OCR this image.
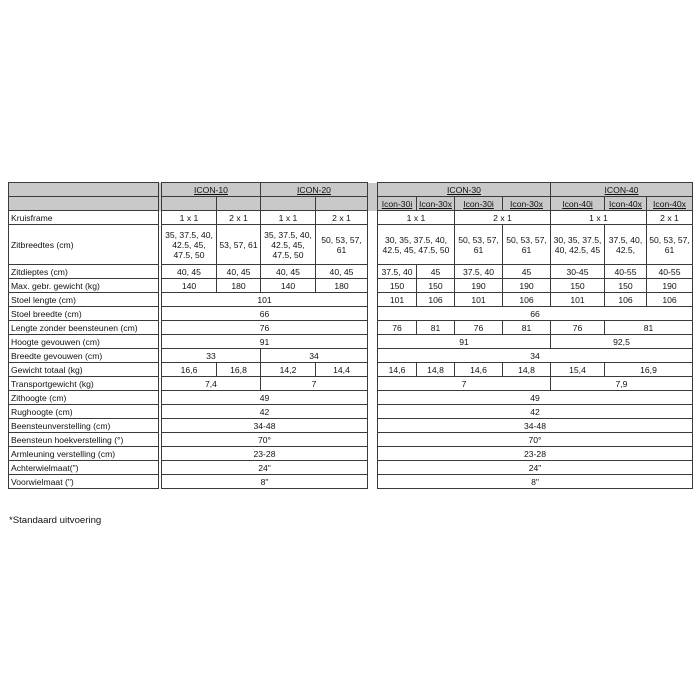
		ICON-10		ICON-20			ICON-30				ICON-40		
							Icon-30i	Icon-30x	Icon-30i	Icon-30x	Icon-40i	Icon-40x	Icon-40x
Kruisframe		1 x 1	2 x 1	1 x 1	2 x 1		1 x 1		2 x 1		1 x 1		2 x 1
Zitbreedtes (cm)		35, 37.5, 40, 42.5, 45, 47.5, 50	53, 57, 61	35, 37.5, 40, 42.5, 45, 47.5, 50	50, 53, 57, 61		30, 35, 37.5, 40, 42.5, 45, 47.5, 50		50, 53, 57, 61	50, 53, 57, 61	30, 35, 37.5, 40, 42.5, 45	37.5, 40, 42.5,	50, 53, 57, 61
Zitdieptes (cm)		40, 45	40, 45	40, 45	40, 45		37.5, 40	45	37.5, 40	45	30-45	40-55	40-55
Max. gebr. gewicht (kg)		140	180	140	180		150	150	190	190	150	150	190
Stoel lengte (cm)		101					101	106	101	106	101	106	106
Stoel breedte (cm)		66					66						
Lengte zonder beensteunen (cm)		76					76	81	76	81	76	81	
Hoogte gevouwen (cm)		91					91				92,5		
Breedte gevouwen (cm)		33		34			34						
Gewicht totaal (kg)		16,6	16,8	14,2	14,4		14,6	14,8	14,6	14,8	15,4	16,9	
Transportgewicht (kg)		7,4		7			7				7,9		
Zithoogte (cm)		49					49						
Rughoogte (cm)		42					42						
Beensteunverstelling (cm)		34-48					34-48						
Beensteun hoekverstelling (°)		70°					70°						
Armleuning verstelling (cm)		23-28					23-28						
Achterwielmaat(")		24"					24"						
Voorwielmaat (")		8"					8"						
*Standaard uitvoering
